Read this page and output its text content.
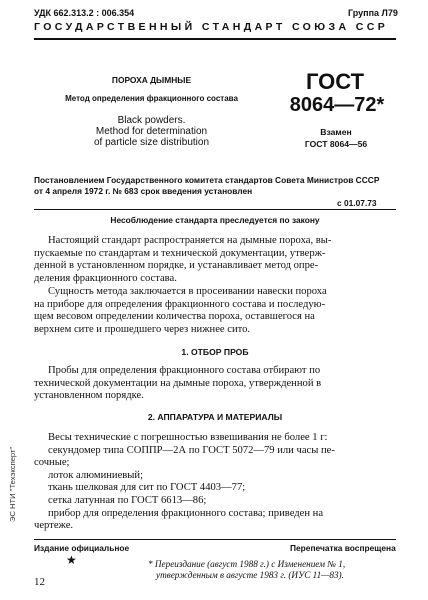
УДК 662.313.2 : 006.354	Группа Л79
ГОСУДАРСТВЕННЫЙ СТАНДАРТ СОЮЗА ССР
ПОРОХА ДЫМНЫЕ
Метод определения фракционного состава
Black powders.
Method for determination
of particle size distribution
ГОСТ
8064—72*
Взамен
ГОСТ 8064—56
Постановлением Государственного комитета стандартов Совета Министров СССР
от 4 апреля 1972 г. № 683 срок введения установлен
с 01.07.73
Несоблюдение стандарта преследуется по закону
Настоящий стандарт распространяется на дымные пороха, вы-
пускаемые по стандартам и технической документации, утверж-
денной в установленном порядке, и устанавливает метод опре-
деления фракционного состава.
Сущность метода заключается в просеивании навески пороха
на приборе для определения фракционного состава и последую-
щем весовом определении количества пороха, оставшегося на
верхнем сите и прошедшего через нижнее сито.
1. ОТБОР ПРОБ
Пробы для определения фракционного состава отбирают по
технической документации на дымные пороха, утвержденной в
установленном порядке.
2. АППАРАТУРА И МАТЕРИАЛЫ
Весы технические с погрешностью взвешивания не более 1 г:
секундомер типа СОППР—2А по ГОСТ 5072—79 или часы пе-
сочные;
лоток алюминиевый;
ткань шелковая для сит по ГОСТ 4403—77;
сетка латунная по ГОСТ 6613—86;
прибор для определения фракционного состава; приведен на
чертеже.
Издание официальное	Перепечатка воспрещена
★	* Переиздание (август 1988 г.) с Изменением № 1,
утвержденным в августе 1983 г. (ИУС 11—83).
12
ЭС НТИ "Техэксперт"
